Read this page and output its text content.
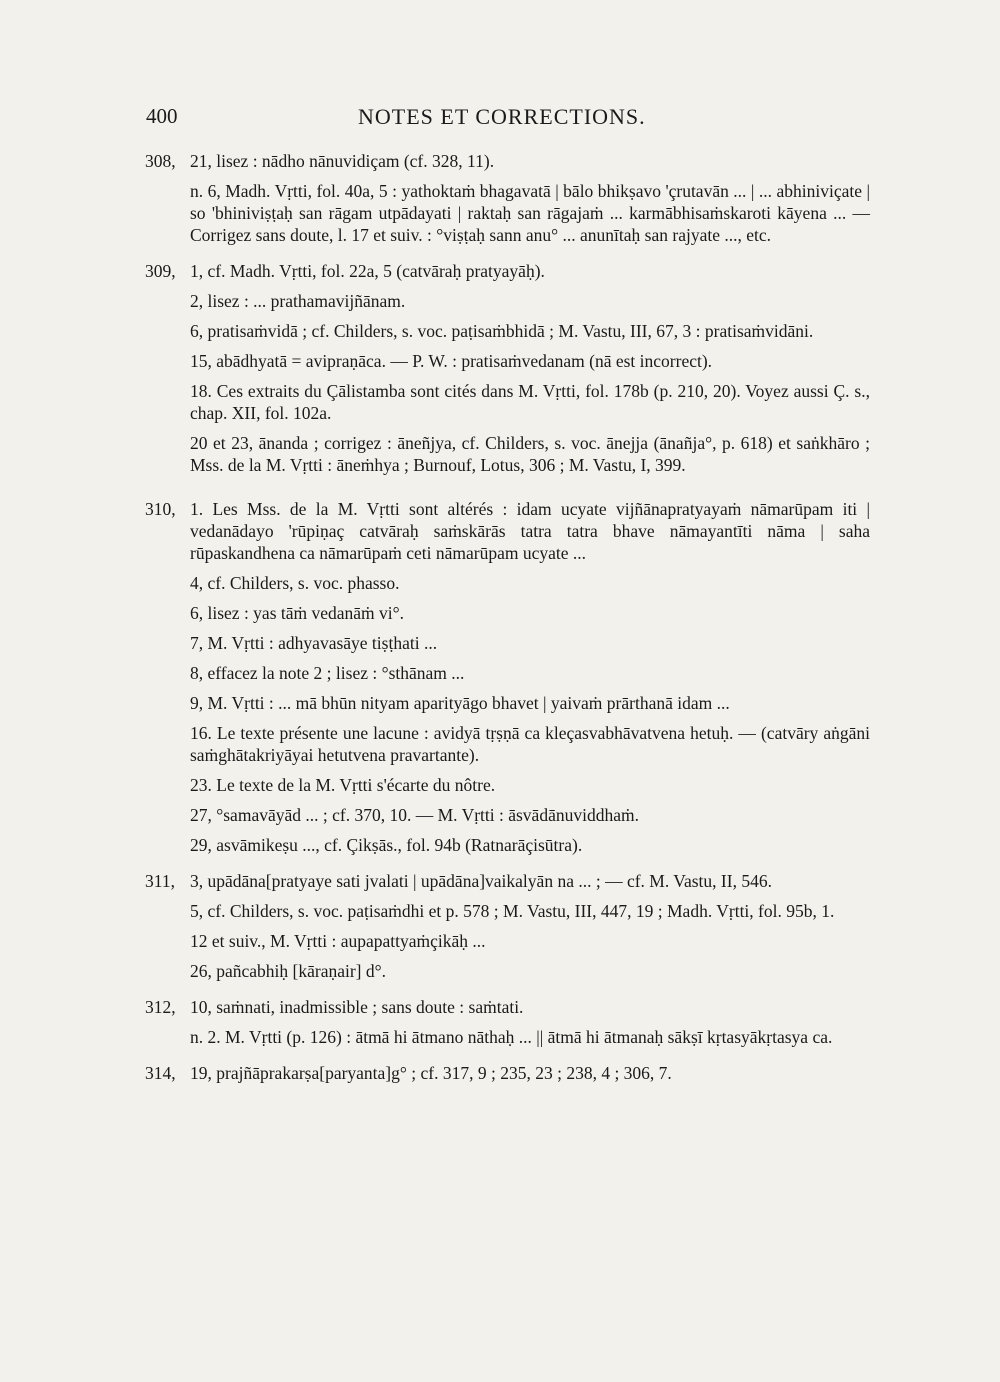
400	NOTES ET CORRECTIONS.
308, 21, lisez : nādho nānuvidiçam (cf. 328, 11).
n. 6, Madh. Vṛtti, fol. 40a, 5 : yathoktaṁ bhagavatā | bālo bhikṣavo 'çrutavān ... | ... abhiniviçate | so 'bhiniviṣṭaḥ san rāgam utpādayati | raktaḥ san rāgajaṁ ... karmābhisaṁskaroti kāyena ... — Corrigez sans doute, l. 17 et suiv. : °viṣṭaḥ sann anu° ... anunītaḥ san rajyate ..., etc.
309, 1, cf. Madh. Vṛtti, fol. 22a, 5 (catvāraḥ pratyayāḥ).
2, lisez : ... prathamavijñānam.
6, pratisaṁvidā ; cf. Childers, s. voc. paṭisaṁbhidā ; M. Vastu, III, 67, 3 : pratisaṁvidāni.
15, abādhyatā = avipraṇāca. — P. W. : pratisaṁvedanam (nā est incorrect).
18. Ces extraits du Çālistamba sont cités dans M. Vṛtti, fol. 178b (p. 210, 20). Voyez aussi Ç. s., chap. XII, fol. 102a.
20 et 23, ānanda ; corrigez : āneñjya, cf. Childers, s. voc. ānejja (ānañja°, p. 618) et saṅkhāro ; Mss. de la M. Vṛtti : āneṁhya ; Burnouf, Lotus, 306 ; M. Vastu, I, 399.
310, 1. Les Mss. de la M. Vṛtti sont altérés : idam ucyate vijñānapratyayaṁ nāmarūpam iti | vedanādayo 'rūpiṇaç catvāraḥ saṁskārās tatra tatra bhave nāmayantīti nāma | saha rūpaskandhena ca nāmarūpaṁ ceti nāmarūpam ucyate ...
4, cf. Childers, s. voc. phasso.
6, lisez : yas tāṁ vedanāṁ vi°.
7, M. Vṛtti : adhyavasāye tiṣṭhati ...
8, effacez la note 2 ; lisez : °sthānam ...
9, M. Vṛtti : ... mā bhūn nityam aparityāgo bhavet | yaivaṁ prārthanā idam ...
16. Le texte présente une lacune : avidyā tṛṣṇā ca kleçasvabhāvatvena hetuḥ. — (catvāry aṅgāni saṁghātakriyāyai hetutvena pravartante).
23. Le texte de la M. Vṛtti s'écarte du nôtre.
27, °samavāyād ... ; cf. 370, 10. — M. Vṛtti : āsvādānuviddhaṁ.
29, asvāmikeṣu ..., cf. Çikṣās., fol. 94b (Ratnarāçisūtra).
311, 3, upādāna[pratyaye sati jvalati | upādāna]vaikalyān na ... ; — cf. M. Vastu, II, 546.
5, cf. Childers, s. voc. paṭisaṁdhi et p. 578 ; M. Vastu, III, 447, 19 ; Madh. Vṛtti, fol. 95b, 1.
12 et suiv., M. Vṛtti : aupapattyaṁçikāḥ ...
26, pañcabhiḥ [kāraṇair] d°.
312, 10, saṁnati, inadmissible ; sans doute : saṁtati.
n. 2. M. Vṛtti (p. 126) : ātmā hi ātmano nāthaḥ ... || ātmā hi ātmanaḥ sākṣī kṛtasyākṛtasya ca.
314, 19, prajñāprakarṣa[paryanta]g° ; cf. 317, 9 ; 235, 23 ; 238, 4 ; 306, 7.
